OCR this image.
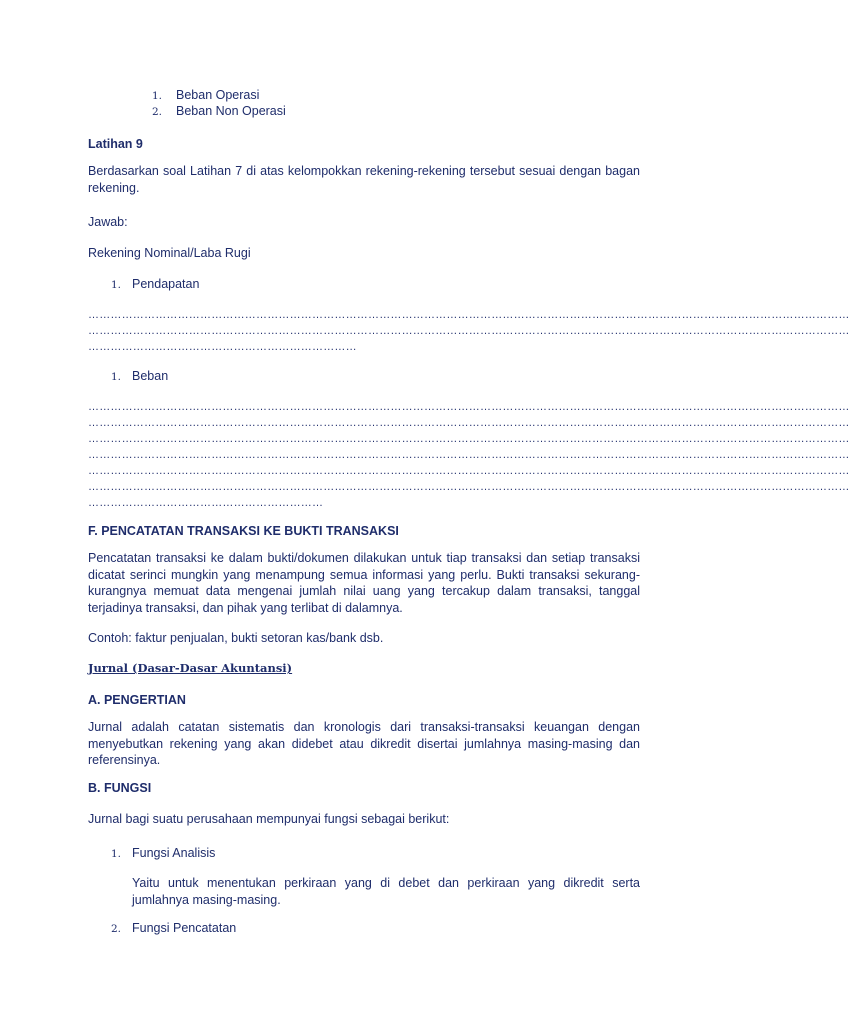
1. Beban Operasi
2. Beban Non Operasi
Latihan 9

Berdasarkan soal Latihan 7 di atas kelompokkan rekening-rekening tersebut sesuai dengan bagan rekening.

Jawab:
Rekening Nominal/Laba Rugi
1. Pendapatan
……………………………………………………………………………………………………………………………………………………………………………………
……………………………………………………………………………………………………………………………………………………………………………………
………………………………………………………………
1. Beban
……………………………………………………………………………………………………………………………………………………………………………………
……………………………………………………………………………………………………………………………………………………………………………………
……………………………………………………………………………………………………………………………………………………………………………………
……………………………………………………………………………………………………………………………………………………………………………………
……………………………………………………………………………………………………………………………………………………………………………………
……………………………………………………………………………………………………………………………………………………………………………………
………………………………………………………
F. PENCATATAN TRANSAKSI KE BUKTI TRANSAKSI

Pencatatan transaksi ke dalam bukti/dokumen dilakukan untuk tiap transaksi dan setiap transaksi dicatat serinci mungkin yang menampung semua informasi yang perlu. Bukti transaksi sekurang-kurangnya memuat data mengenai jumlah nilai uang yang tercakup dalam transaksi, tanggal terjadinya transaksi, dan pihak yang terlibat di dalamnya.

Contoh: faktur penjualan, bukti setoran kas/bank dsb.
Jurnal (Dasar-Dasar Akuntansi)
A. PENGERTIAN

Jurnal adalah catatan sistematis dan kronologis dari transaksi-transaksi keuangan dengan menyebutkan rekening yang akan didebet atau dikredit disertai jumlahnya masing-masing dan referensinya.

B. FUNGSI
Jurnal bagi suatu perusahaan mempunyai fungsi sebagai berikut:
1. Fungsi Analisis

Yaitu untuk menentukan perkiraan yang di debet dan perkiraan yang dikredit serta jumlahnya masing-masing.

2. Fungsi Pencatatan
